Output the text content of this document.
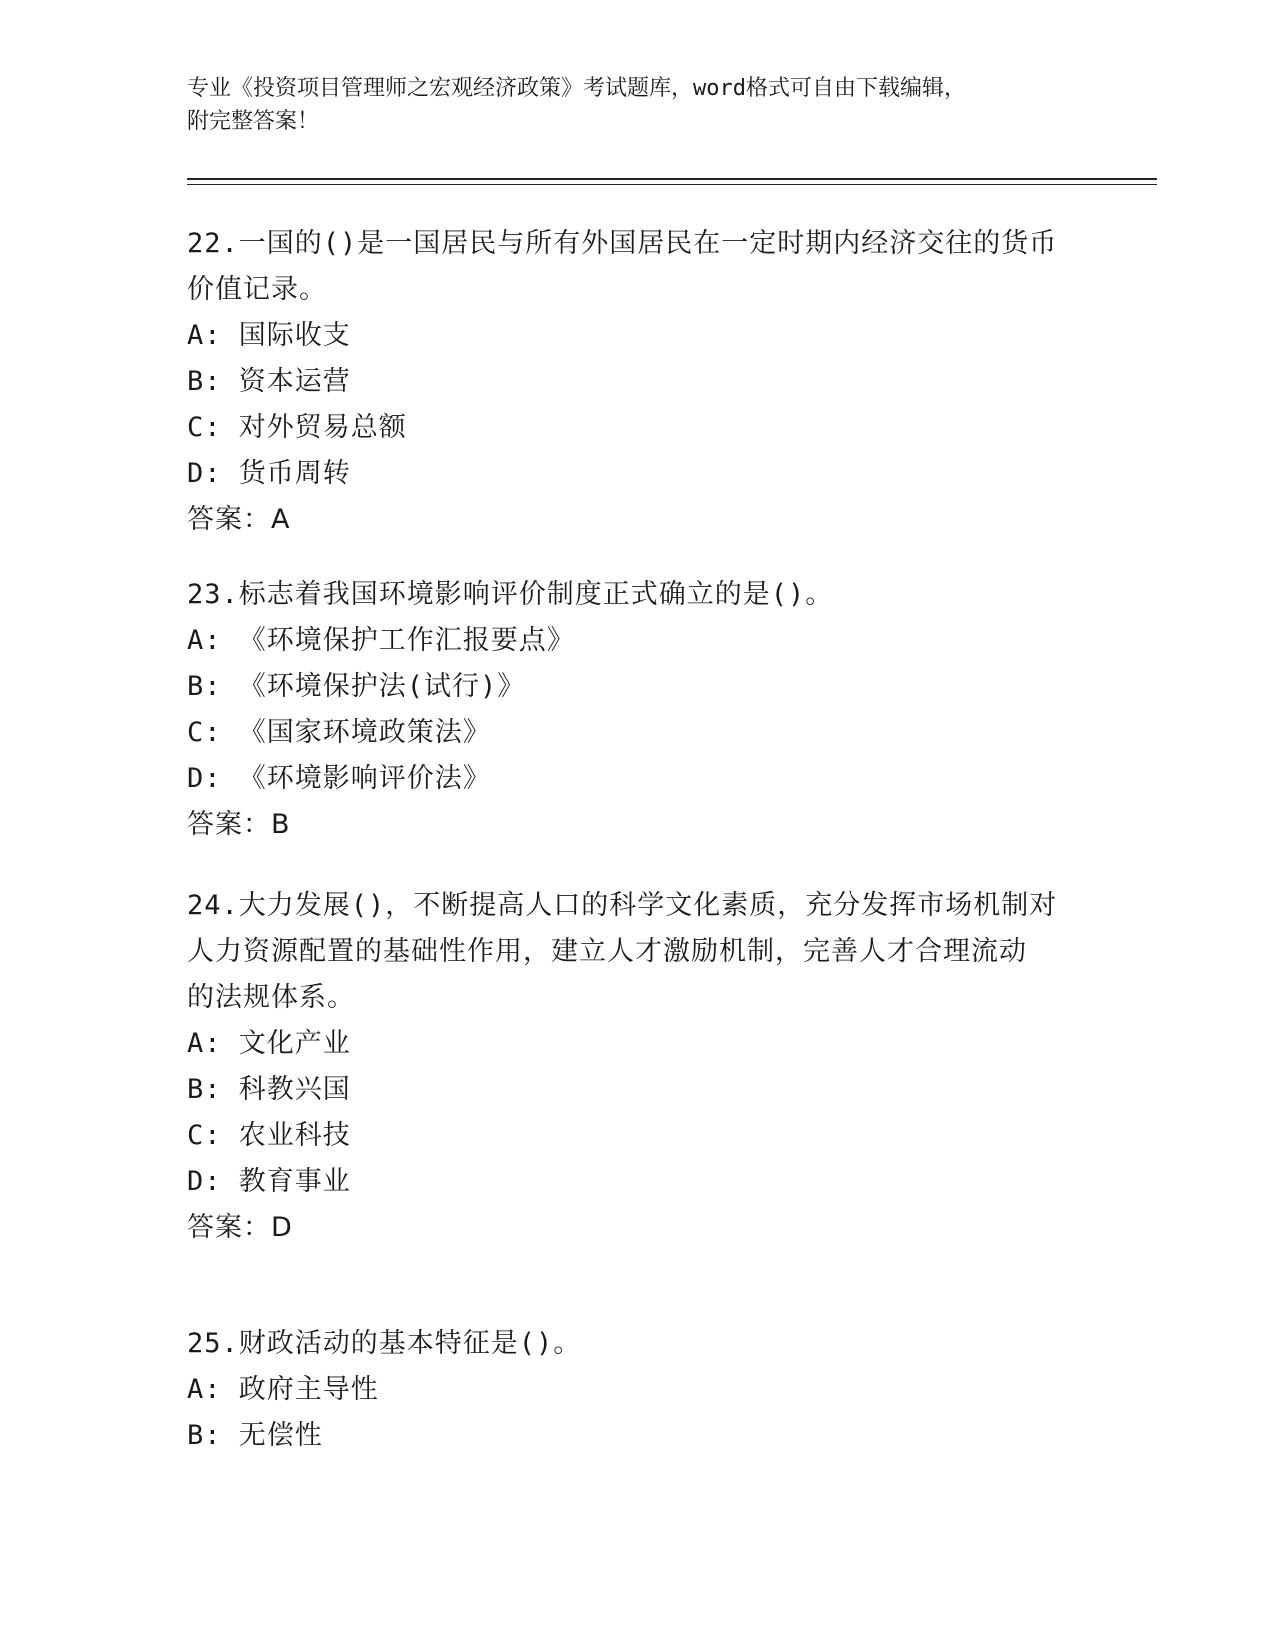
专业《投资项目管理师之宏观经济政策》考试题库，word格式可自由下载编辑，
附完整答案！
22.一国的()是一国居民与所有外国居民在一定时期内经济交往的货币
价值记录。
A: 国际收支
B: 资本运营
C: 对外贸易总额
D: 货币周转
答案：A
23.标志着我国环境影响评价制度正式确立的是()。
A: 《环境保护工作汇报要点》
B: 《环境保护法(试行)》
C: 《国家环境政策法》
D: 《环境影响评价法》
答案：B
24.大力发展()，不断提高人口的科学文化素质，充分发挥市场机制对
人力资源配置的基础性作用，建立人才激励机制，完善人才合理流动
的法规体系。
A: 文化产业
B: 科教兴国
C: 农业科技
D: 教育事业
答案：D
25.财政活动的基本特征是()。
A: 政府主导性
B: 无偿性
